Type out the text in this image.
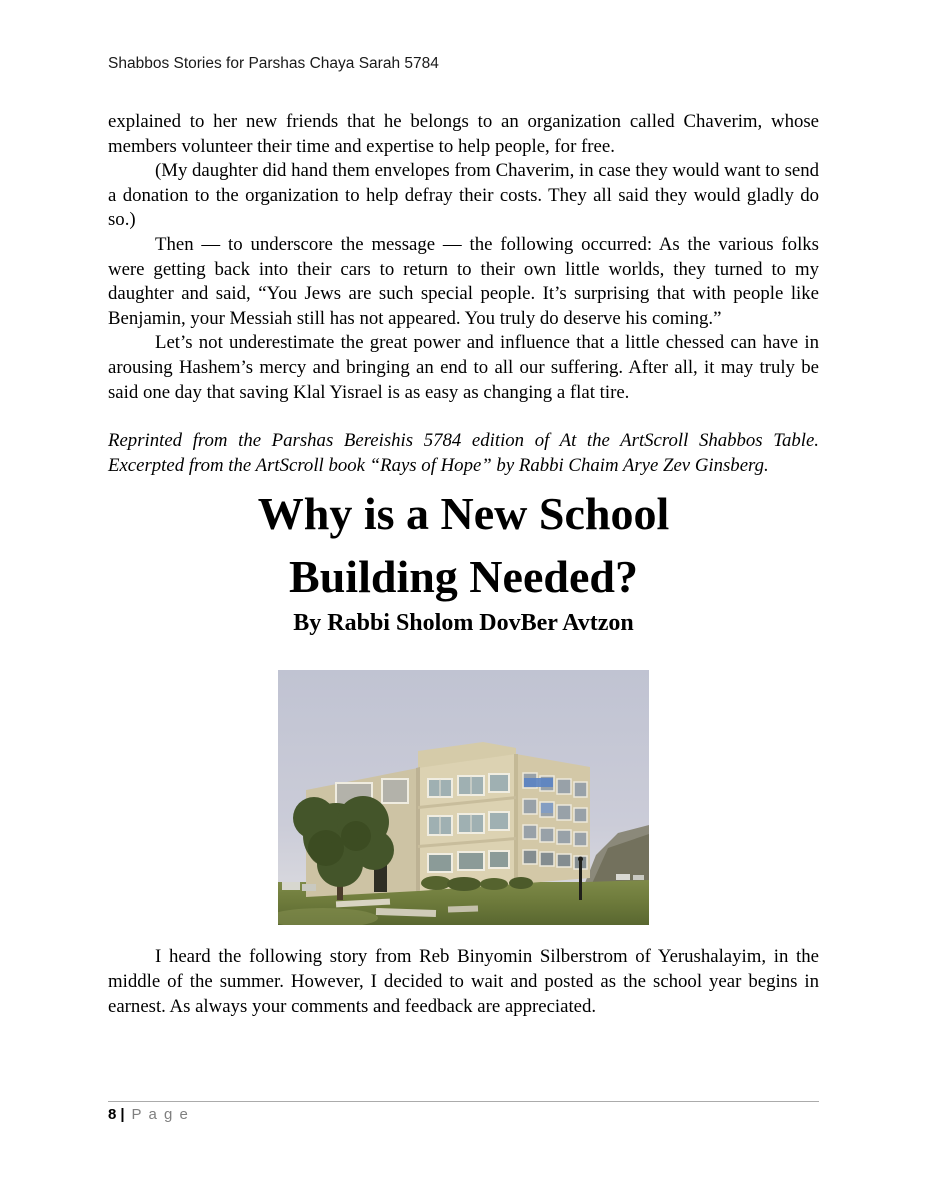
Shabbos Stories for Parshas Chaya Sarah 5784

explained to her new friends that he belongs to an organization called Chaverim, whose members volunteer their time and expertise to help people, for free.

(My daughter did hand them envelopes from Chaverim, in case they would want to send a donation to the organization to help defray their costs. They all said they would gladly do so.)

Then — to underscore the message — the following occurred: As the various folks were getting back into their cars to return to their own little worlds, they turned to my daughter and said, “You Jews are such special people. It’s surprising that with people like Benjamin, your Messiah still has not appeared. You truly do deserve his coming.”

Let’s not underestimate the great power and influence that a little chessed can have in arousing Hashem’s mercy and bringing an end to all our suffering. After all, it may truly be said one day that saving Klal Yisrael is as easy as changing a flat tire.

Reprinted from the Parshas Bereishis 5784 edition of At the ArtScroll Shabbos Table. Excerpted from the ArtScroll book “Rays of Hope” by Rabbi Chaim Arye Zev Ginsberg.

Why is a New School
Building Needed?
By Rabbi Sholom DovBer Avtzon

I heard the following story from Reb Binyomin Silberstrom of Yerushalayim, in the middle of the summer. However, I decided to wait and posted as the school year begins in earnest. As always your comments and feedback are appreciated.

8 | P a g e
